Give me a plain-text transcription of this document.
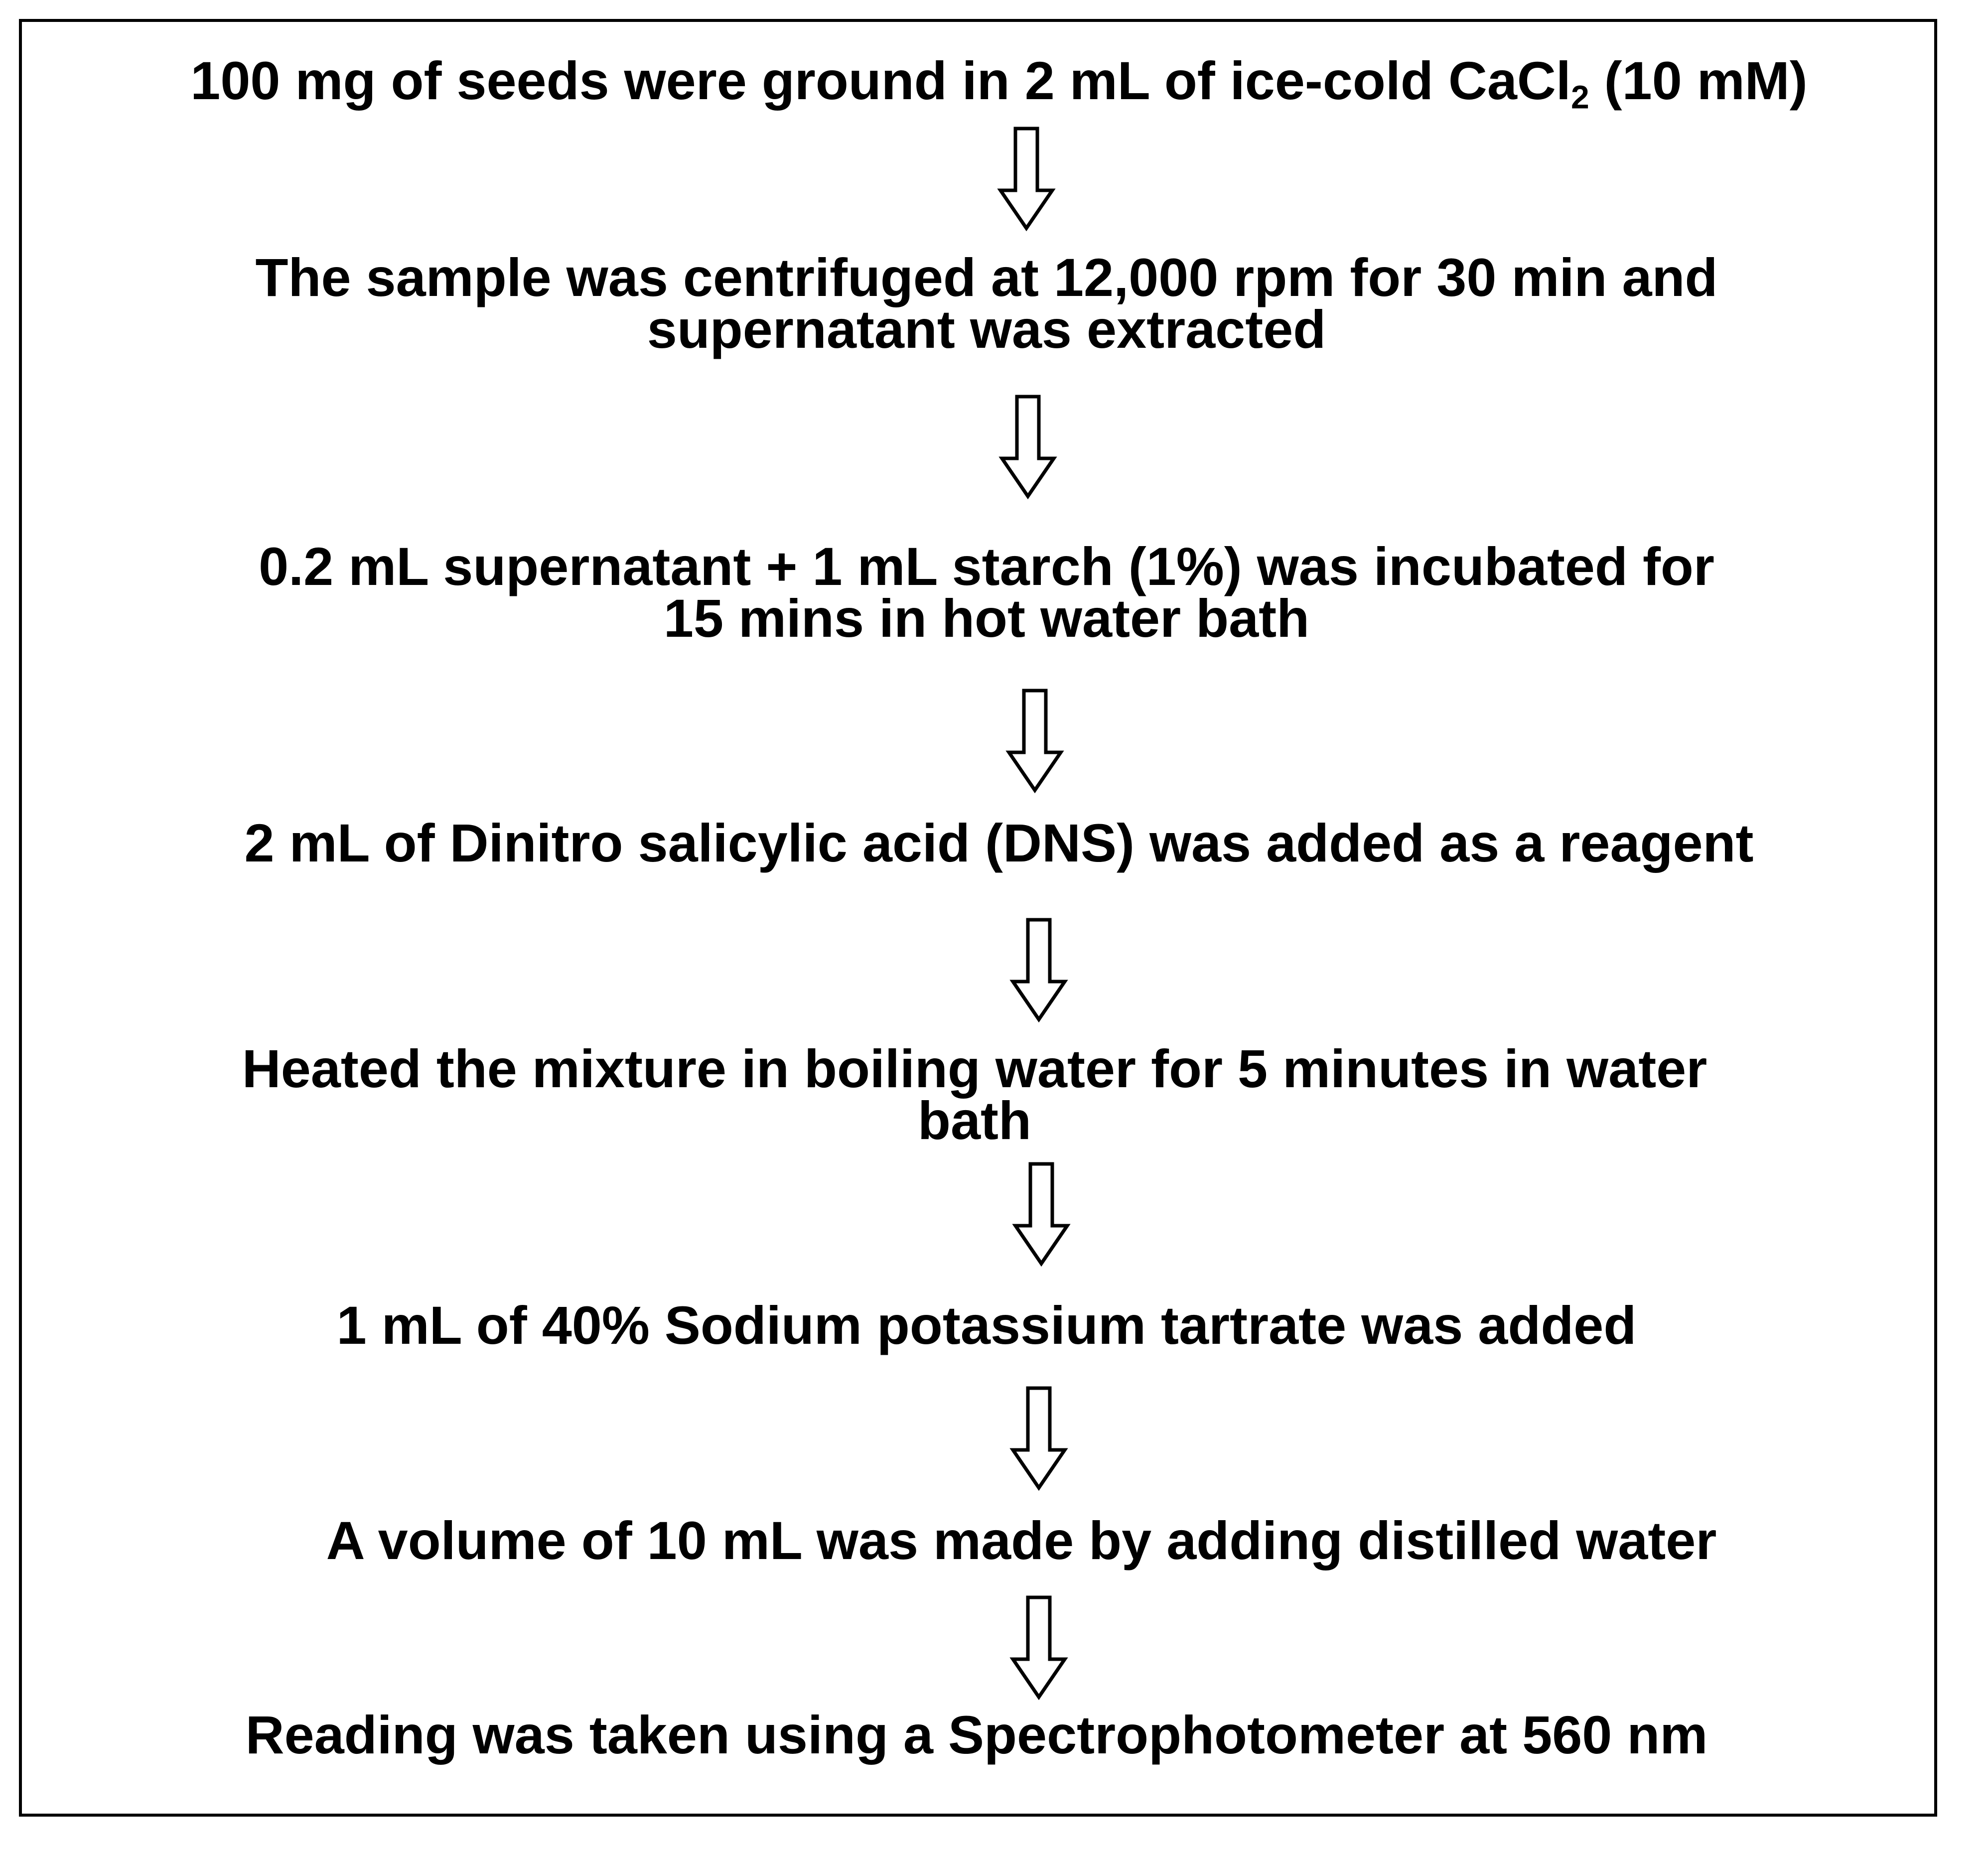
100 mg of seeds were ground in 2 mL of ice-cold CaCl$_2$ (10 mM)
The sample was centrifuged at 12,000 rpm for 30 min and
supernatant was extracted
0.2 mL supernatant + 1 mL starch (1%) was incubated for
15 mins in hot water bath
2 mL of Dinitro salicylic acid (DNS) was added as a reagent
Heated the mixture in boiling water for 5 minutes in water
bath
1 mL of 40% Sodium potassium tartrate was added
A volume of 10 mL was made by adding distilled water
Reading was taken using a Spectrophotometer at 560 nm
